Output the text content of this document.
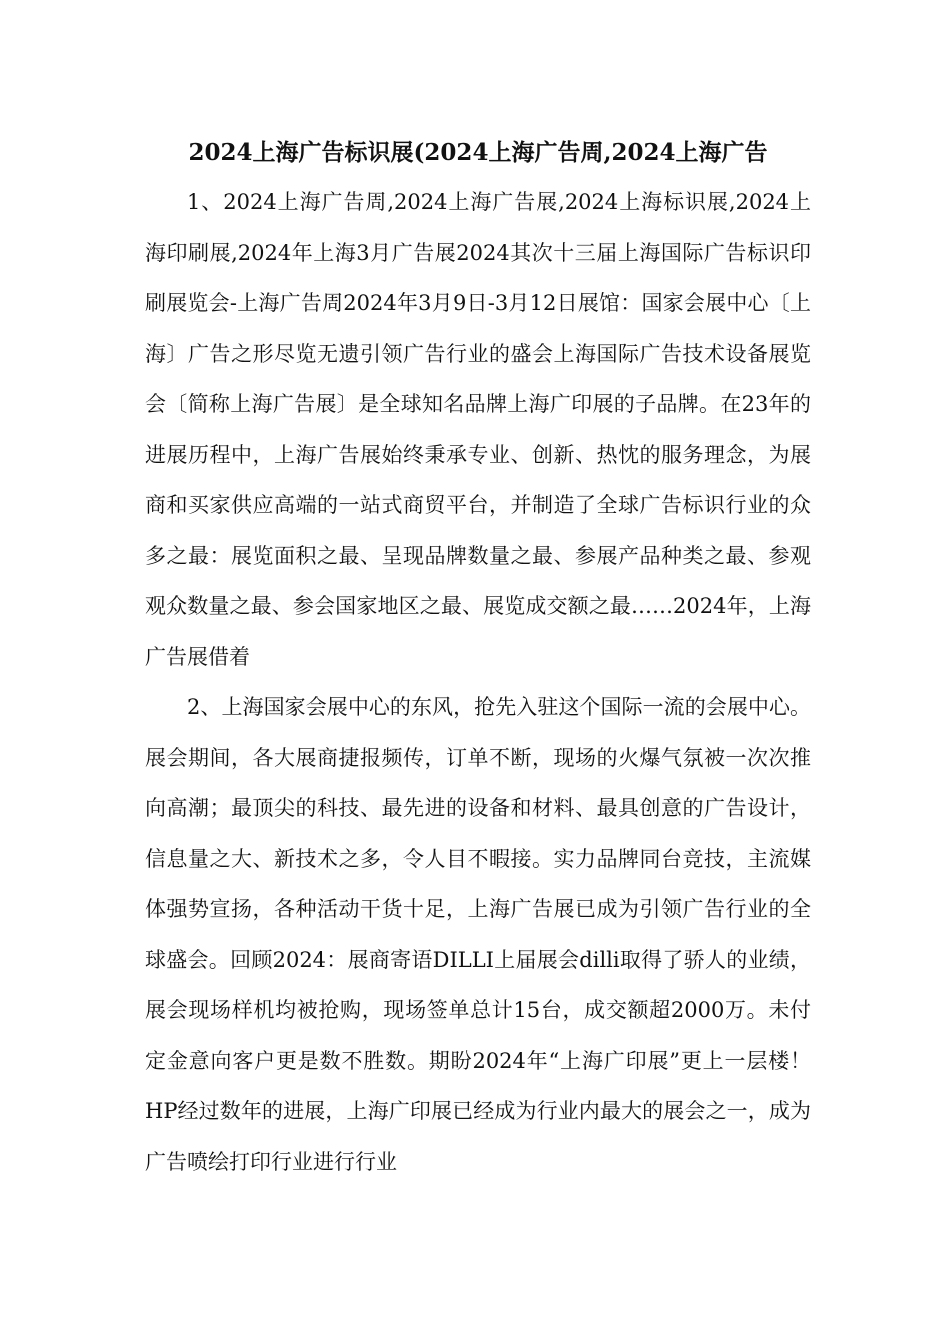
2024上海广告标识展(2024上海广告周,2024上海广告

1、2024上海广告周,2024上海广告展,2024上海标识展,2024上海印刷展,2024年上海3月广告展2024其次十三届上海国际广告标识印刷展览会-上海广告周2024年3月9日-3月12日展馆：国家会展中心〔上海〕广告之形尽览无遗引领广告行业的盛会上海国际广告技术设备展览会〔简称上海广告展〕是全球知名品牌上海广印展的子品牌。在23年的进展历程中，上海广告展始终秉承专业、创新、热忱的服务理念，为展商和买家供应高端的一站式商贸平台，并制造了全球广告标识行业的众多之最：展览面积之最、呈现品牌数量之最、参展产品种类之最、参观观众数量之最、参会国家地区之最、展览成交额之最……2024年，上海广告展借着

2、上海国家会展中心的东风，抢先入驻这个国际一流的会展中心。展会期间，各大展商捷报频传，订单不断，现场的火爆气氛被一次次推向高潮；最顶尖的科技、最先进的设备和材料、最具创意的广告设计，信息量之大、新技术之多，令人目不暇接。实力品牌同台竞技，主流媒体强势宣扬，各种活动干货十足，上海广告展已成为引领广告行业的全球盛会。回顾2024：展商寄语DILLI上届展会dilli取得了骄人的业绩，展会现场样机均被抢购，现场签单总计15台，成交额超2000万。未付定金意向客户更是数不胜数。期盼2024年“上海广印展”更上一层楼！HP经过数年的进展，上海广印展已经成为行业内最大的展会之一，成为广告喷绘打印行业进行行业
